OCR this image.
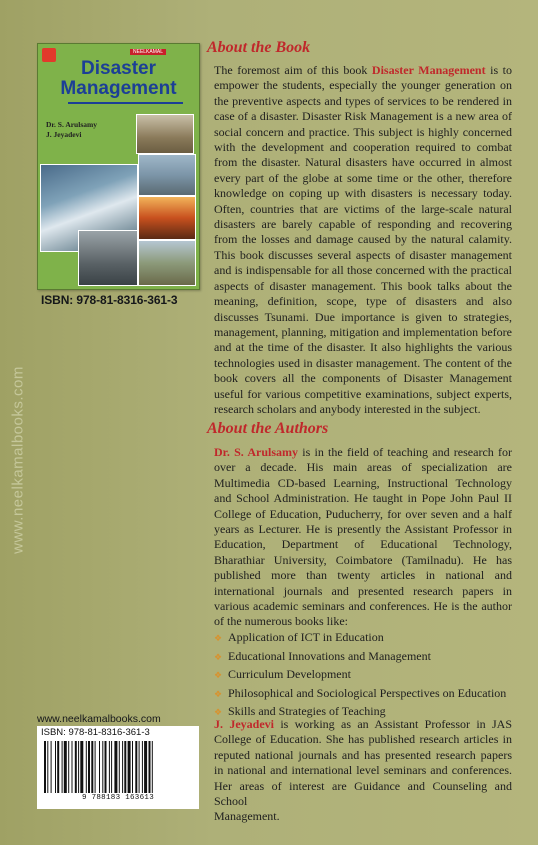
www.neelkamalbooks.com
NEELKAMAL
Disaster
Management
Dr. S. Arulsamy
J. Jeyadevi
ISBN: 978-81-8316-361-3
About the Book
The foremost aim of this book Disaster Management is to
empower the students, especially the younger generation on
the preventive aspects and types of services to be rendered in
case of a disaster. Disaster Risk Management is a new area of
social concern and practice. This subject is highly concerned
with the development and cooperation required to combat
from the disaster. Natural disasters have occurred in almost
every part of the globe at some time or the other, therefore
knowledge on coping up with disasters is necessary today.
Often, countries that are victims of the large-scale natural
disasters are barely capable of responding and recovering
from the losses and damage caused by the natural calamity.
This book discusses several aspects of disaster management
and is indispensable for all those concerned with the practical
aspects of disaster management. This book talks about the
meaning, definition, scope, type of disasters and also
discusses Tsunami. Due importance is given to strategies,
management, planning, mitigation and implementation before
and at the time of the disaster. It also highlights the various
technologies used in disaster management. The content of the
book covers all the components of Disaster Management
useful for various competitive examinations, subject experts,
research scholars and anybody interested in the subject.
About the Authors
Dr. S. Arulsamy is in the field of teaching and research for
over a decade. His main areas of specialization are
Multimedia CD-based Learning, Instructional Technology
and School Administration. He taught in Pope John Paul II
College of Education, Puducherry, for over seven and a half
years as Lecturer. He is presently the Assistant Professor in
Education, Department of Educational Technology,
Bharathiar University, Coimbatore (Tamilnadu). He has
published more than twenty articles in national and
international journals and presented research papers in
various academic seminars and conferences. He is the author
of the numerous books like:
❖ Application of ICT in Education
❖ Educational Innovations and Management
❖ Curriculum Development
❖ Philosophical and Sociological Perspectives on Education
❖ Skills and Strategies of Teaching
J. Jeyadevi is working as an Assistant Professor in JAS
College of Education. She has published research articles in
reputed national journals and has presented research papers
in national and international level seminars and conferences.
Her areas of interest are Guidance and Counseling and School
Management.
www.neelkamalbooks.com
ISBN: 978-81-8316-361-3
9 788183 163613
